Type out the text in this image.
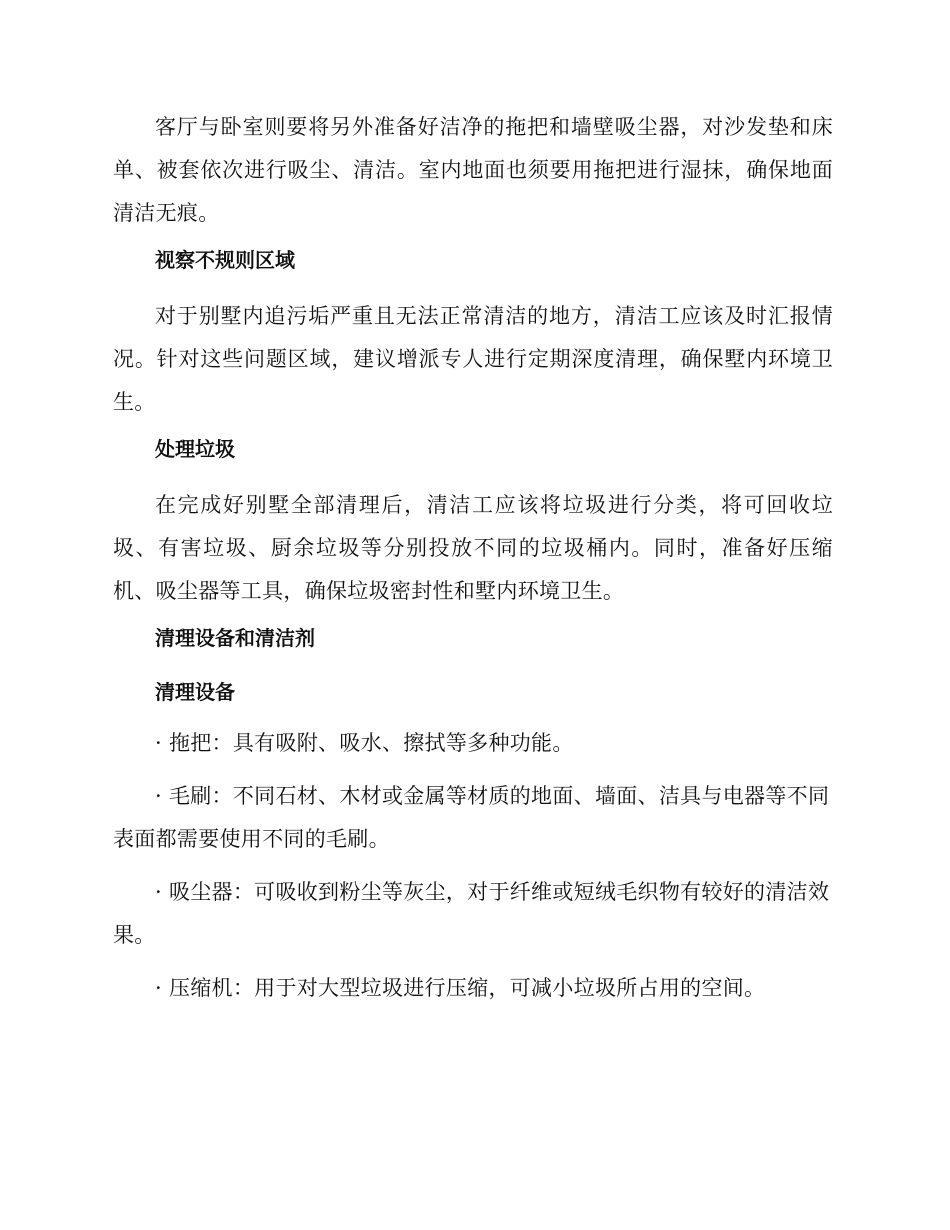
客厅与卧室则要将另外准备好洁净的拖把和墙壁吸尘器，对沙发垫和床单、被套依次进行吸尘、清洁。室内地面也须要用拖把进行湿抹，确保地面清洁无痕。

视察不规则区域

对于别墅内追污垢严重且无法正常清洁的地方，清洁工应该及时汇报情况。针对这些问题区域，建议增派专人进行定期深度清理，确保墅内环境卫生。

处理垃圾

在完成好别墅全部清理后，清洁工应该将垃圾进行分类，将可回收垃圾、有害垃圾、厨余垃圾等分别投放不同的垃圾桶内。同时，准备好压缩机、吸尘器等工具，确保垃圾密封性和墅内环境卫生。

清理设备和清洁剂

清理设备

· 拖把：具有吸附、吸水、擦拭等多种功能。

· 毛刷：不同石材、木材或金属等材质的地面、墙面、洁具与电器等不同表面都需要使用不同的毛刷。

· 吸尘器：可吸收到粉尘等灰尘，对于纤维或短绒毛织物有较好的清洁效果。

· 压缩机：用于对大型垃圾进行压缩，可减小垃圾所占用的空间。
